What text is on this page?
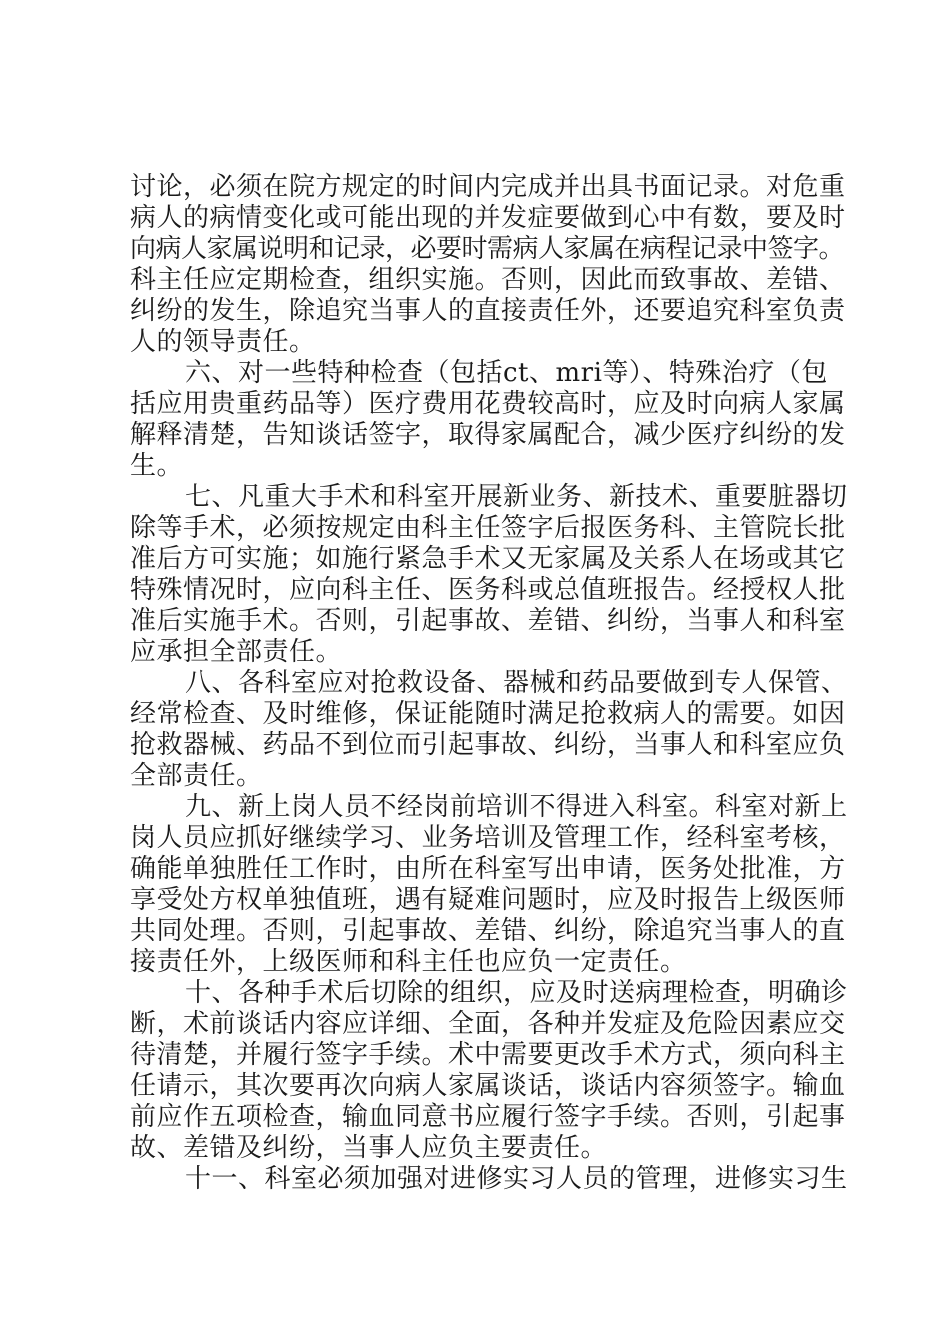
讨论，必须在院方规定的时间内完成并出具书面记录。对危重
病人的病情变化或可能出现的并发症要做到心中有数，要及时
向病人家属说明和记录，必要时需病人家属在病程记录中签字。
科主任应定期检查，组织实施。否则，因此而致事故、差错、
纠纷的发生，除追究当事人的直接责任外，还要追究科室负责
人的领导责任。
六、对一些特种检查（包括ct、mri等）、特殊治疗（包
括应用贵重药品等）医疗费用花费较高时，应及时向病人家属
解释清楚，告知谈话签字，取得家属配合，减少医疗纠纷的发
生。
七、凡重大手术和科室开展新业务、新技术、重要脏器切
除等手术，必须按规定由科主任签字后报医务科、主管院长批
准后方可实施；如施行紧急手术又无家属及关系人在场或其它
特殊情况时，应向科主任、医务科或总值班报告。经授权人批
准后实施手术。否则，引起事故、差错、纠纷，当事人和科室
应承担全部责任。
八、各科室应对抢救设备、器械和药品要做到专人保管、
经常检查、及时维修，保证能随时满足抢救病人的需要。如因
抢救器械、药品不到位而引起事故、纠纷，当事人和科室应负
全部责任。
九、新上岗人员不经岗前培训不得进入科室。科室对新上
岗人员应抓好继续学习、业务培训及管理工作，经科室考核，
确能单独胜任工作时，由所在科室写出申请，医务处批准，方
享受处方权单独值班，遇有疑难问题时，应及时报告上级医师
共同处理。否则，引起事故、差错、纠纷，除追究当事人的直
接责任外，上级医师和科主任也应负一定责任。
十、各种手术后切除的组织，应及时送病理检查，明确诊
断，术前谈话内容应详细、全面，各种并发症及危险因素应交
待清楚，并履行签字手续。术中需要更改手术方式，须向科主
任请示，其次要再次向病人家属谈话，谈话内容须签字。输血
前应作五项检查，输血同意书应履行签字手续。否则，引起事
故、差错及纠纷，当事人应负主要责任。
十一、科室必须加强对进修实习人员的管理，进修实习生
